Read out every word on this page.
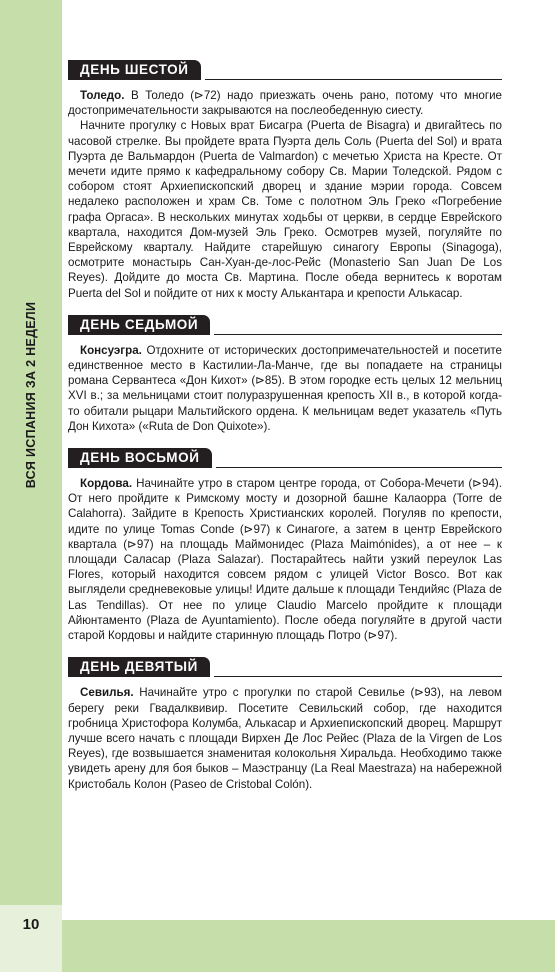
ВСЯ ИСПАНИЯ ЗА 2 НЕДЕЛИ
10
ДЕНЬ ШЕСТОЙ

Толедо. В Толедо (⊳72) надо приезжать очень рано, потому что многие достопримечательности закрываются на послеобеденную сиесту.

Начните прогулку с Новых врат Бисагра (Puerta de Bisagra) и двигайтесь по часовой стрелке. Вы пройдете врата Пуэрта дель Соль (Puerta del Sol) и врата Пуэрта де Вальмардон (Puerta de Valmardon) с мечетью Христа на Кресте. От мечети идите прямо к кафедральному собору Св. Марии Толедской. Рядом с собором стоят Архиепископский дворец и здание мэрии города. Совсем недалеко расположен и храм Св. Томе с полотном Эль Греко «Погребение графа Оргаса». В нескольких минутах ходьбы от церкви, в сердце Еврейского квартала, находится Дом-музей Эль Греко. Осмотрев музей, погуляйте по Еврейскому кварталу. Найдите старейшую синагогу Европы (Sinagoga), осмотрите монастырь Сан-Хуан-де-лос-Рейс (Monasterio San Juan De Los Reyes). Дойдите до моста Св. Мартина. После обеда вернитесь к воротам Puerta del Sol и пойдите от них к мосту Алькантара и крепости Алькасар.

ДЕНЬ СЕДЬМОЙ

Консуэгра. Отдохните от исторических достопримечательностей и посетите единственное место в Кастилии-Ла-Манче, где вы попадаете на страницы романа Сервантеса «Дон Кихот» (⊳85). В этом городке есть целых 12 мельниц XVI в.; за мельницами стоит полуразрушенная крепость XII в., в которой когда-то обитали рыцари Мальтийского ордена. К мельницам ведет указатель «Путь Дон Кихота» («Ruta de Don Quixote»).

ДЕНЬ ВОСЬМОЙ

Кордова. Начинайте утро в старом центре города, от Собора-Мечети (⊳94). От него пройдите к Римскому мосту и дозорной башне Калаорра (Torre de Calahorra). Зайдите в Крепость Христианских королей. Погуляв по крепости, идите по улице Tomas Conde (⊳97) к Синагоге, а затем в центр Еврейского квартала (⊳97) на площадь Маймонидес (Plaza Maimónides), а от нее – к площади Саласар (Plaza Salazar). Постарайтесь найти узкий переулок Las Flores, который находится совсем рядом с улицей Victor Bosco. Вот как выглядели средневековые улицы! Идите дальше к площади Тендийяс (Plaza de Las Tendillas). От нее по улице Claudio Marcelo пройдите к площади Айюнтаменто (Plaza de Ayuntamiento). После обеда погуляйте в другой части старой Кордовы и найдите старинную площадь Потро (⊳97).

ДЕНЬ ДЕВЯТЫЙ

Севилья. Начинайте утро с прогулки по старой Севилье (⊳93), на левом берегу реки Гвадалквивир. Посетите Севильский собор, где находится гробница Христофора Колумба, Алькасар и Архиепископский дворец. Маршрут лучше всего начать с площади Вирхен Де Лос Рейес (Plaza de la Virgen de Los Reyes), где возвышается знаменитая колокольня Хиральда. Необходимо также увидеть арену для боя быков – Маэстранцу (La Real Maestraza) на набережной Кристобаль Колон (Paseo de Cristobal Colón).
